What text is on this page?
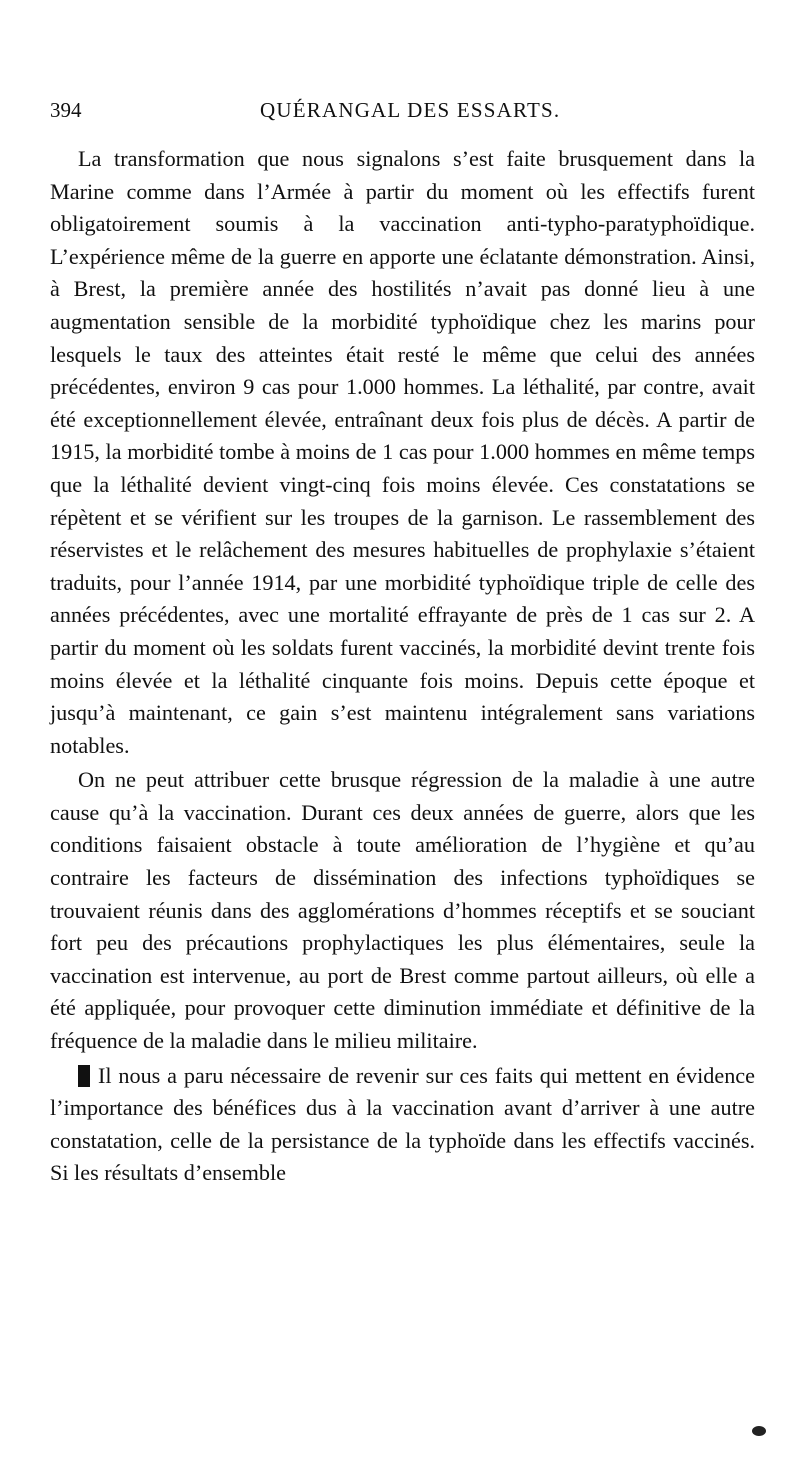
394	QUÉRANGAL DES ESSARTS.

La transformation que nous signalons s’est faite brusquement dans la Marine comme dans l’Armée à partir du moment où les effectifs furent obligatoirement soumis à la vaccination anti-typho-paratyphoïdique. L’expérience même de la guerre en apporte une éclatante démonstration. Ainsi, à Brest, la première année des hostilités n’avait pas donné lieu à une augmentation sensible de la morbidité typhoïdique chez les marins pour lesquels le taux des atteintes était resté le même que celui des années précédentes, environ 9 cas pour 1.000 hommes. La léthalité, par contre, avait été exceptionnellement élevée, entraînant deux fois plus de décès. A partir de 1915, la morbidité tombe à moins de 1 cas pour 1.000 hommes en même temps que la léthalité devient vingt-cinq fois moins élevée. Ces constatations se répètent et se vérifient sur les troupes de la garnison. Le rassemblement des réservistes et le relâchement des mesures habituelles de prophylaxie s’étaient traduits, pour l’année 1914, par une morbidité typhoïdique triple de celle des années précédentes, avec une mortalité effrayante de près de 1 cas sur 2. A partir du moment où les soldats furent vaccinés, la morbidité devint trente fois moins élevée et la léthalité cinquante fois moins. Depuis cette époque et jusqu’à maintenant, ce gain s’est maintenu intégralement sans variations notables.

On ne peut attribuer cette brusque régression de la maladie à une autre cause qu’à la vaccination. Durant ces deux années de guerre, alors que les conditions faisaient obstacle à toute amélioration de l’hygiène et qu’au contraire les facteurs de dissémination des infections typhoïdiques se trouvaient réunis dans des agglomérations d’hommes réceptifs et se souciant fort peu des précautions prophylactiques les plus élémentaires, seule la vaccination est intervenue, au port de Brest comme partout ailleurs, où elle a été appliquée, pour provoquer cette diminution immédiate et définitive de la fréquence de la maladie dans le milieu militaire.

Il nous a paru nécessaire de revenir sur ces faits qui mettent en évidence l’importance des bénéfices dus à la vaccination avant d’arriver à une autre constatation, celle de la persistance de la typhoïde dans les effectifs vaccinés. Si les résultats d’ensemble
